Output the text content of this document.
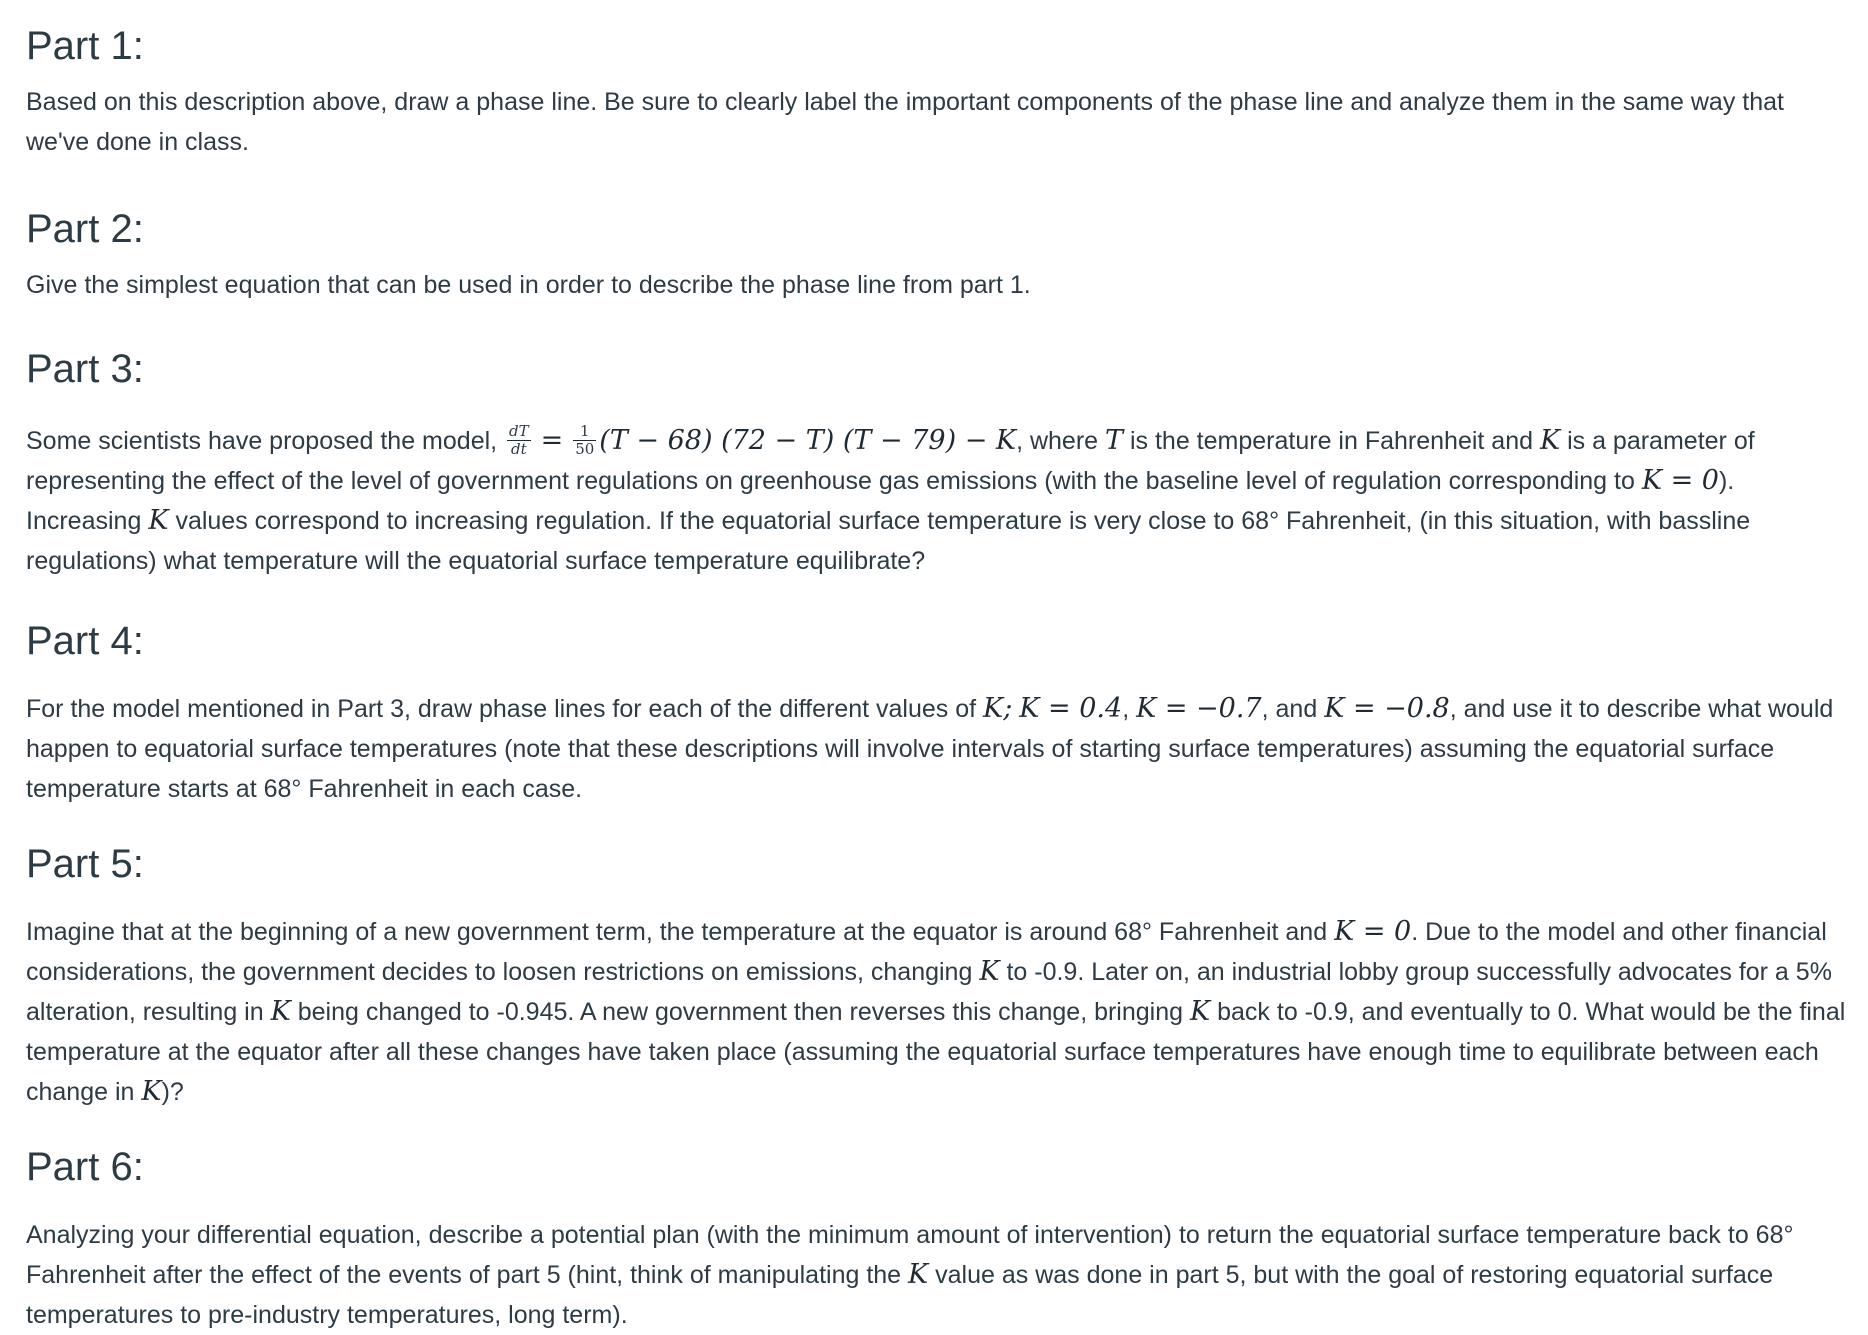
Part 1:

Based on this description above, draw a phase line. Be sure to clearly label the important components of the phase line and analyze them in the same way that we've done in class.

Part 2:

Give the simplest equation that can be used in order to describe the phase line from part 1.

Part 3:

Some scientists have proposed the model, $\frac{dT}{dt} = \frac{1}{50} (T - 68) (72 - T) (T - 79) - K$, where T is the temperature in Fahrenheit and K is a parameter of representing the effect of the level of government regulations on greenhouse gas emissions (with the baseline level of regulation corresponding to K = 0). Increasing K values correspond to increasing regulation. If the equatorial surface temperature is very close to 68° Fahrenheit, (in this situation, with bassline regulations) what temperature will the equatorial surface temperature equilibrate?

Part 4:

For the model mentioned in Part 3, draw phase lines for each of the different values of K; K = 0.4, K = −0.7, and K = −0.8, and use it to describe what would happen to equatorial surface temperatures (note that these descriptions will involve intervals of starting surface temperatures) assuming the equatorial surface temperature starts at 68° Fahrenheit in each case.

Part 5:

Imagine that at the beginning of a new government term, the temperature at the equator is around 68° Fahrenheit and K = 0. Due to the model and other financial considerations, the government decides to loosen restrictions on emissions, changing K to -0.9. Later on, an industrial lobby group successfully advocates for a 5% alteration, resulting in K being changed to -0.945. A new government then reverses this change, bringing K back to -0.9, and eventually to 0. What would be the final temperature at the equator after all these changes have taken place (assuming the equatorial surface temperatures have enough time to equilibrate between each change in K)?

Part 6:

Analyzing your differential equation, describe a potential plan (with the minimum amount of intervention) to return the equatorial surface temperature back to 68° Fahrenheit after the effect of the events of part 5 (hint, think of manipulating the K value as was done in part 5, but with the goal of restoring equatorial surface temperatures to pre-industry temperatures, long term).
